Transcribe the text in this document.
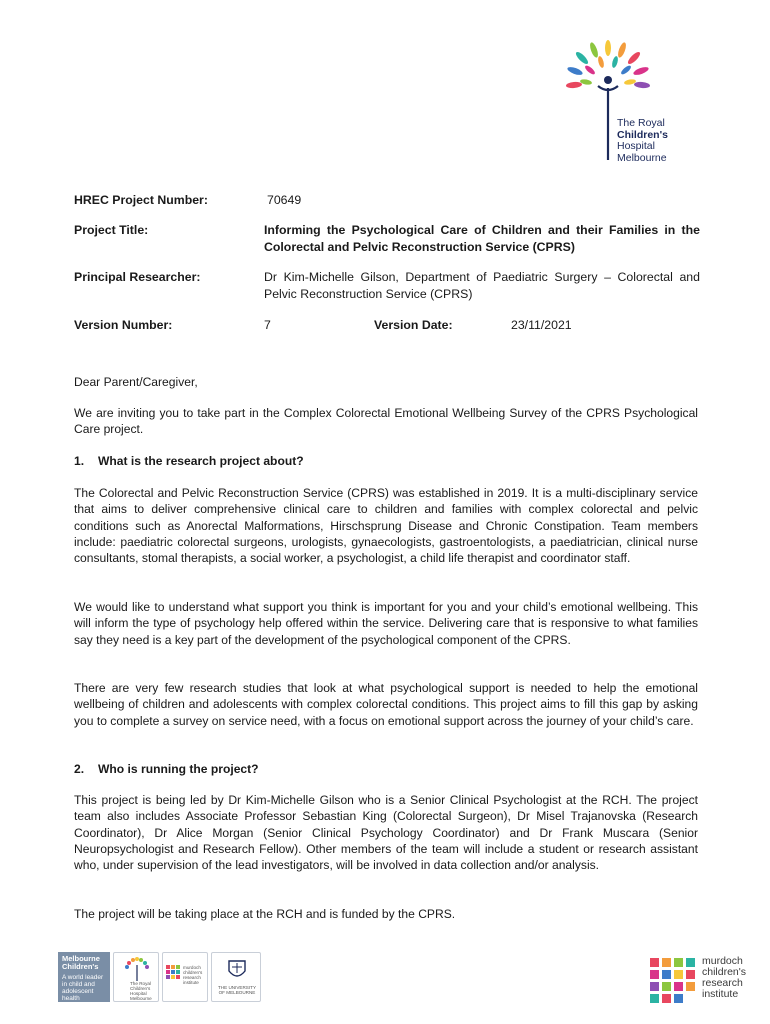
The Royal
Children's
Hospital
Melbourne
HREC Project Number:	70649
Project Title:	Informing the Psychological Care of Children and their Families in the Colorectal and Pelvic Reconstruction Service (CPRS)
Principal Researcher:	Dr Kim-Michelle Gilson, Department of Paediatric Surgery – Colorectal and Pelvic Reconstruction Service (CPRS)
Version Number:	7	Version Date:	23/11/2021

Dear Parent/Caregiver,

We are inviting you to take part in the Complex Colorectal Emotional Wellbeing Survey of the CPRS Psychological Care project.

1. What is the research project about?

The Colorectal and Pelvic Reconstruction Service (CPRS) was established in 2019. It is a multi-disciplinary service that aims to deliver comprehensive clinical care to children and families with complex colorectal and pelvic conditions such as Anorectal Malformations, Hirschsprung Disease and Chronic Constipation. Team members include: paediatric colorectal surgeons, urologists, gynaecologists, gastroentologists, a paediatrician, clinical nurse consultants, stomal therapists, a social worker, a psychologist, a child life therapist and coordinator staff.

We would like to understand what support you think is important for you and your child’s emotional wellbeing. This will inform the type of psychology help offered within the service. Delivering care that is responsive to what families say they need is a key part of the development of the psychological component of the CPRS.

There are very few research studies that look at what psychological support is needed to help the emotional wellbeing of children and adolescents with complex colorectal conditions. This project aims to fill this gap by asking you to complete a survey on service need, with a focus on emotional support across the journey of your child’s care.

2. Who is running the project?

This project is being led by Dr Kim-Michelle Gilson who is a Senior Clinical Psychologist at the RCH. The project team also includes Associate Professor Sebastian King (Colorectal Surgeon), Dr Misel Trajanovska (Research Coordinator), Dr Alice Morgan (Senior Clinical Psychology Coordinator) and Dr Frank Muscara (Senior Neuropsychologist and Research Fellow). Other members of the team will include a student or research assistant who, under supervision of the lead investigators, will be involved in data collection and/or analysis.

The project will be taking place at the RCH and is funded by the CPRS.

Melbourne Children's
A world leader in child and adolescent health
The Royal Children's Hospital Melbourne
murdoch children's research institute
THE UNIVERSITY OF MELBOURNE
murdoch
children's
research
institute
